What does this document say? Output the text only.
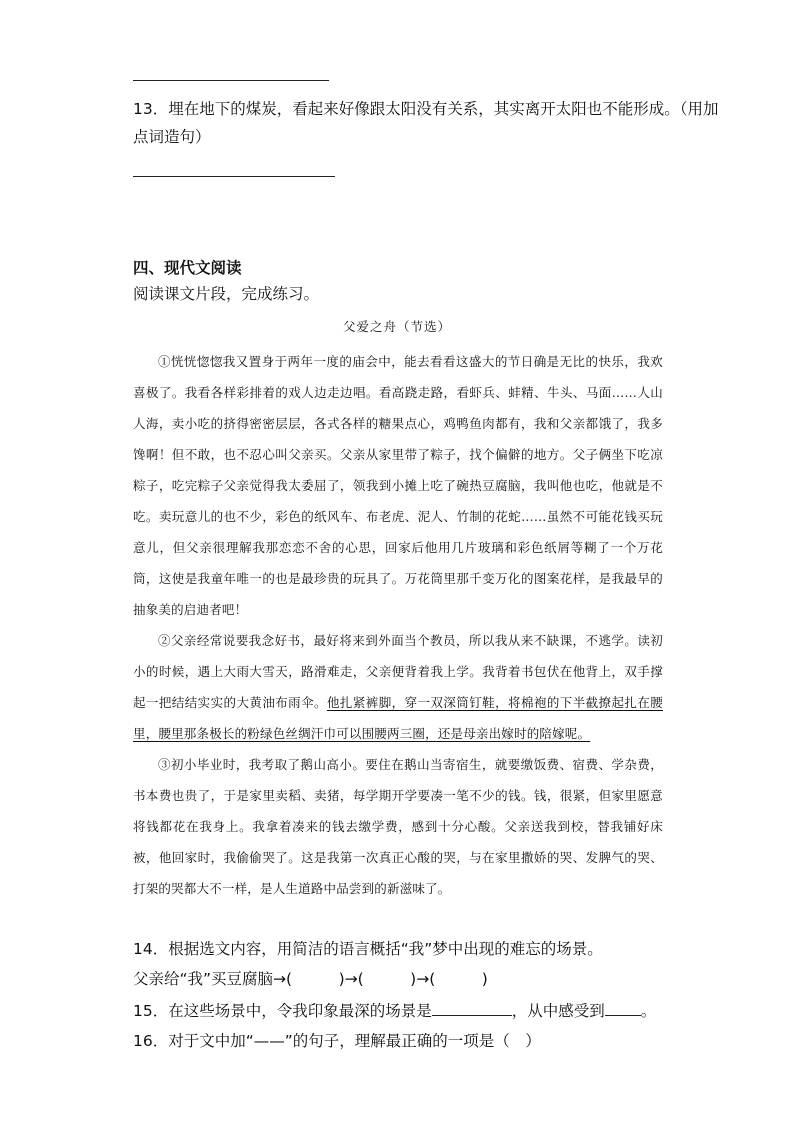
13．埋在地下的煤炭，看起来好像跟太阳没有关系，其实离开太阳也不能形成。（用加
点词造句）
四、现代文阅读
阅读课文片段，完成练习。
父爱之舟（节选）

①恍恍惚惚我又置身于两年一度的庙会中，能去看看这盛大的节日确是无比的快乐，我欢喜极了。我看各样彩排着的戏人边走边唱。看高跷走路，看虾兵、蚌精、牛头、马面……人山人海，卖小吃的挤得密密层层，各式各样的糖果点心，鸡鸭鱼肉都有，我和父亲都饿了，我多馋啊！但不敢，也不忍心叫父亲买。父亲从家里带了粽子，找个偏僻的地方。父子俩坐下吃凉粽子，吃完粽子父亲觉得我太委屈了，领我到小摊上吃了碗热豆腐脑，我叫他也吃，他就是不吃。卖玩意儿的也不少，彩色的纸风车、布老虎、泥人、竹制的花蛇……虽然不可能花钱买玩意儿，但父亲很理解我那恋恋不舍的心思，回家后他用几片玻璃和彩色纸屑等糊了一个万花筒，这使是我童年唯一的也是最珍贵的玩具了。万花筒里那千变万化的图案花样，是我最早的抽象美的启迪者吧！

②父亲经常说要我念好书，最好将来到外面当个教员，所以我从来不缺课，不逃学。读初小的时候，遇上大雨大雪天，路滑难走，父亲便背着我上学。我背着书包伏在他背上，双手撑起一把结结实实的大黄油布雨伞。他扎紧裤脚，穿一双深筒钉鞋，将棉袍的下半截撩起扎在腰里，腰里那条极长的粉绿色丝绸汗巾可以围腰两三圈，还是母亲出嫁时的陪嫁呢。

③初小毕业时，我考取了鹅山高小。要住在鹅山当寄宿生，就要缴饭费、宿费、学杂费，书本费也贵了，于是家里卖稻、卖猪，每学期开学要凑一笔不少的钱。钱，很紧，但家里愿意将钱都花在我身上。我拿着凑来的钱去缴学费，感到十分心酸。父亲送我到校，替我铺好床被，他回家时，我偷偷哭了。这是我第一次真正心酸的哭，与在家里撒娇的哭、发脾气的哭、打架的哭都大不一样，是人生道路中品尝到的新滋味了。

14．根据选文内容，用简洁的语言概括“我”梦中出现的难忘的场景。
父亲给“我”买豆腐脑→(　　　)→(　　　)→(　　　)
15．在这些场景中，令我印象最深的场景是	，从中感受到 。
16．对于文中加“——”的句子，理解最正确的一项是（　）
